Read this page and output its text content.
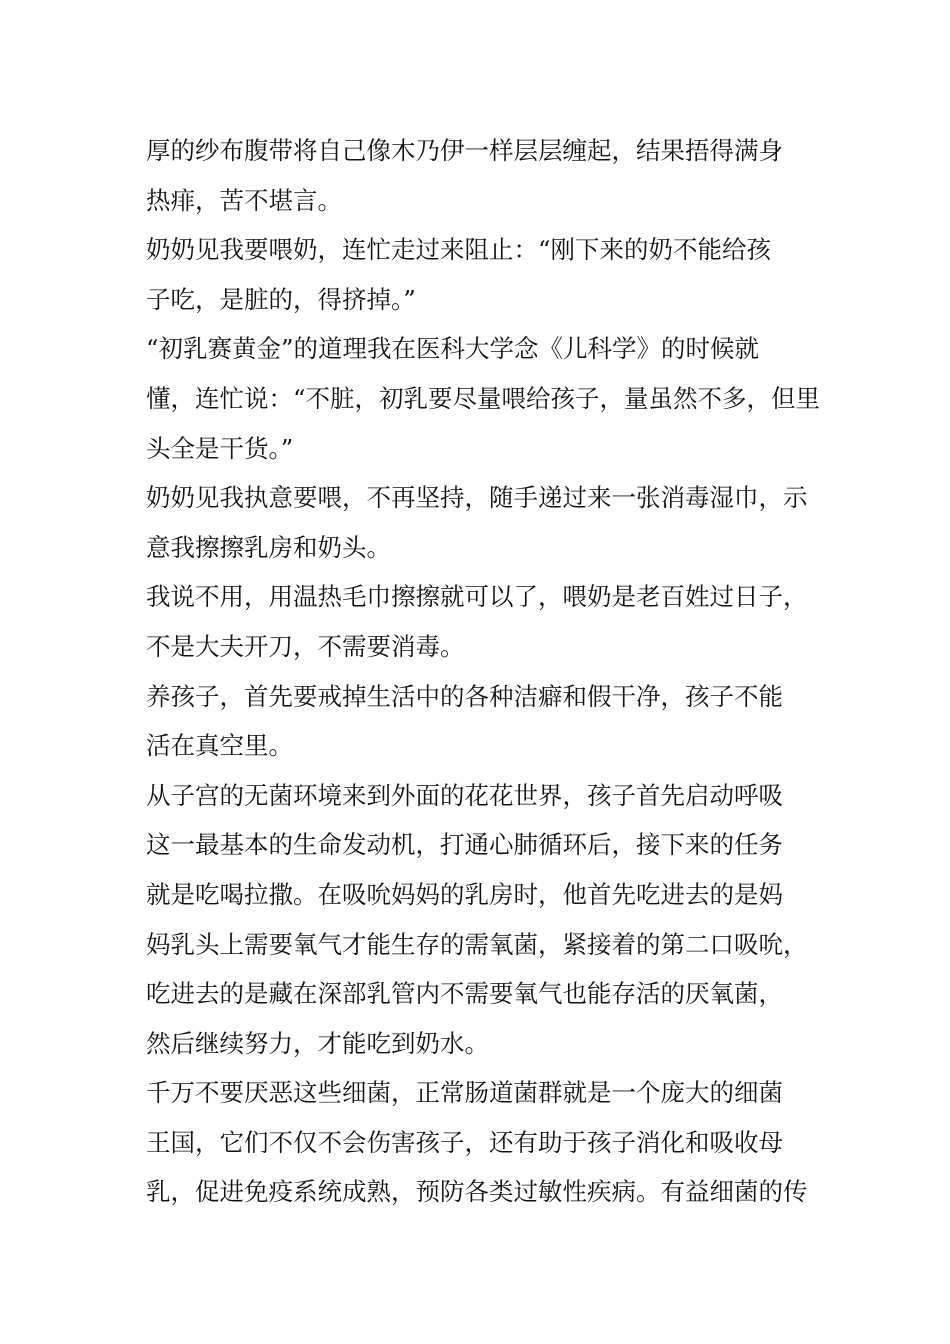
厚的纱布腹带将自己像木乃伊一样层层缠起，结果捂得满身
热痱，苦不堪言。
奶奶见我要喂奶，连忙走过来阻止：“刚下来的奶不能给孩
子吃，是脏的，得挤掉。”
“初乳赛黄金”的道理我在医科大学念《儿科学》的时候就
懂，连忙说：“不脏，初乳要尽量喂给孩子，量虽然不多，但里
头全是干货。”
奶奶见我执意要喂，不再坚持，随手递过来一张消毒湿巾，示
意我擦擦乳房和奶头。
我说不用，用温热毛巾擦擦就可以了，喂奶是老百姓过日子，
不是大夫开刀，不需要消毒。
养孩子，首先要戒掉生活中的各种洁癖和假干净，孩子不能
活在真空里。
从子宫的无菌环境来到外面的花花世界，孩子首先启动呼吸
这一最基本的生命发动机，打通心肺循环后，接下来的任务
就是吃喝拉撒。在吸吮妈妈的乳房时，他首先吃进去的是妈
妈乳头上需要氧气才能生存的需氧菌，紧接着的第二口吸吮，
吃进去的是藏在深部乳管内不需要氧气也能存活的厌氧菌，
然后继续努力，才能吃到奶水。
千万不要厌恶这些细菌，正常肠道菌群就是一个庞大的细菌
王国，它们不仅不会伤害孩子，还有助于孩子消化和吸收母
乳，促进免疫系统成熟，预防各类过敏性疾病。有益细菌的传
